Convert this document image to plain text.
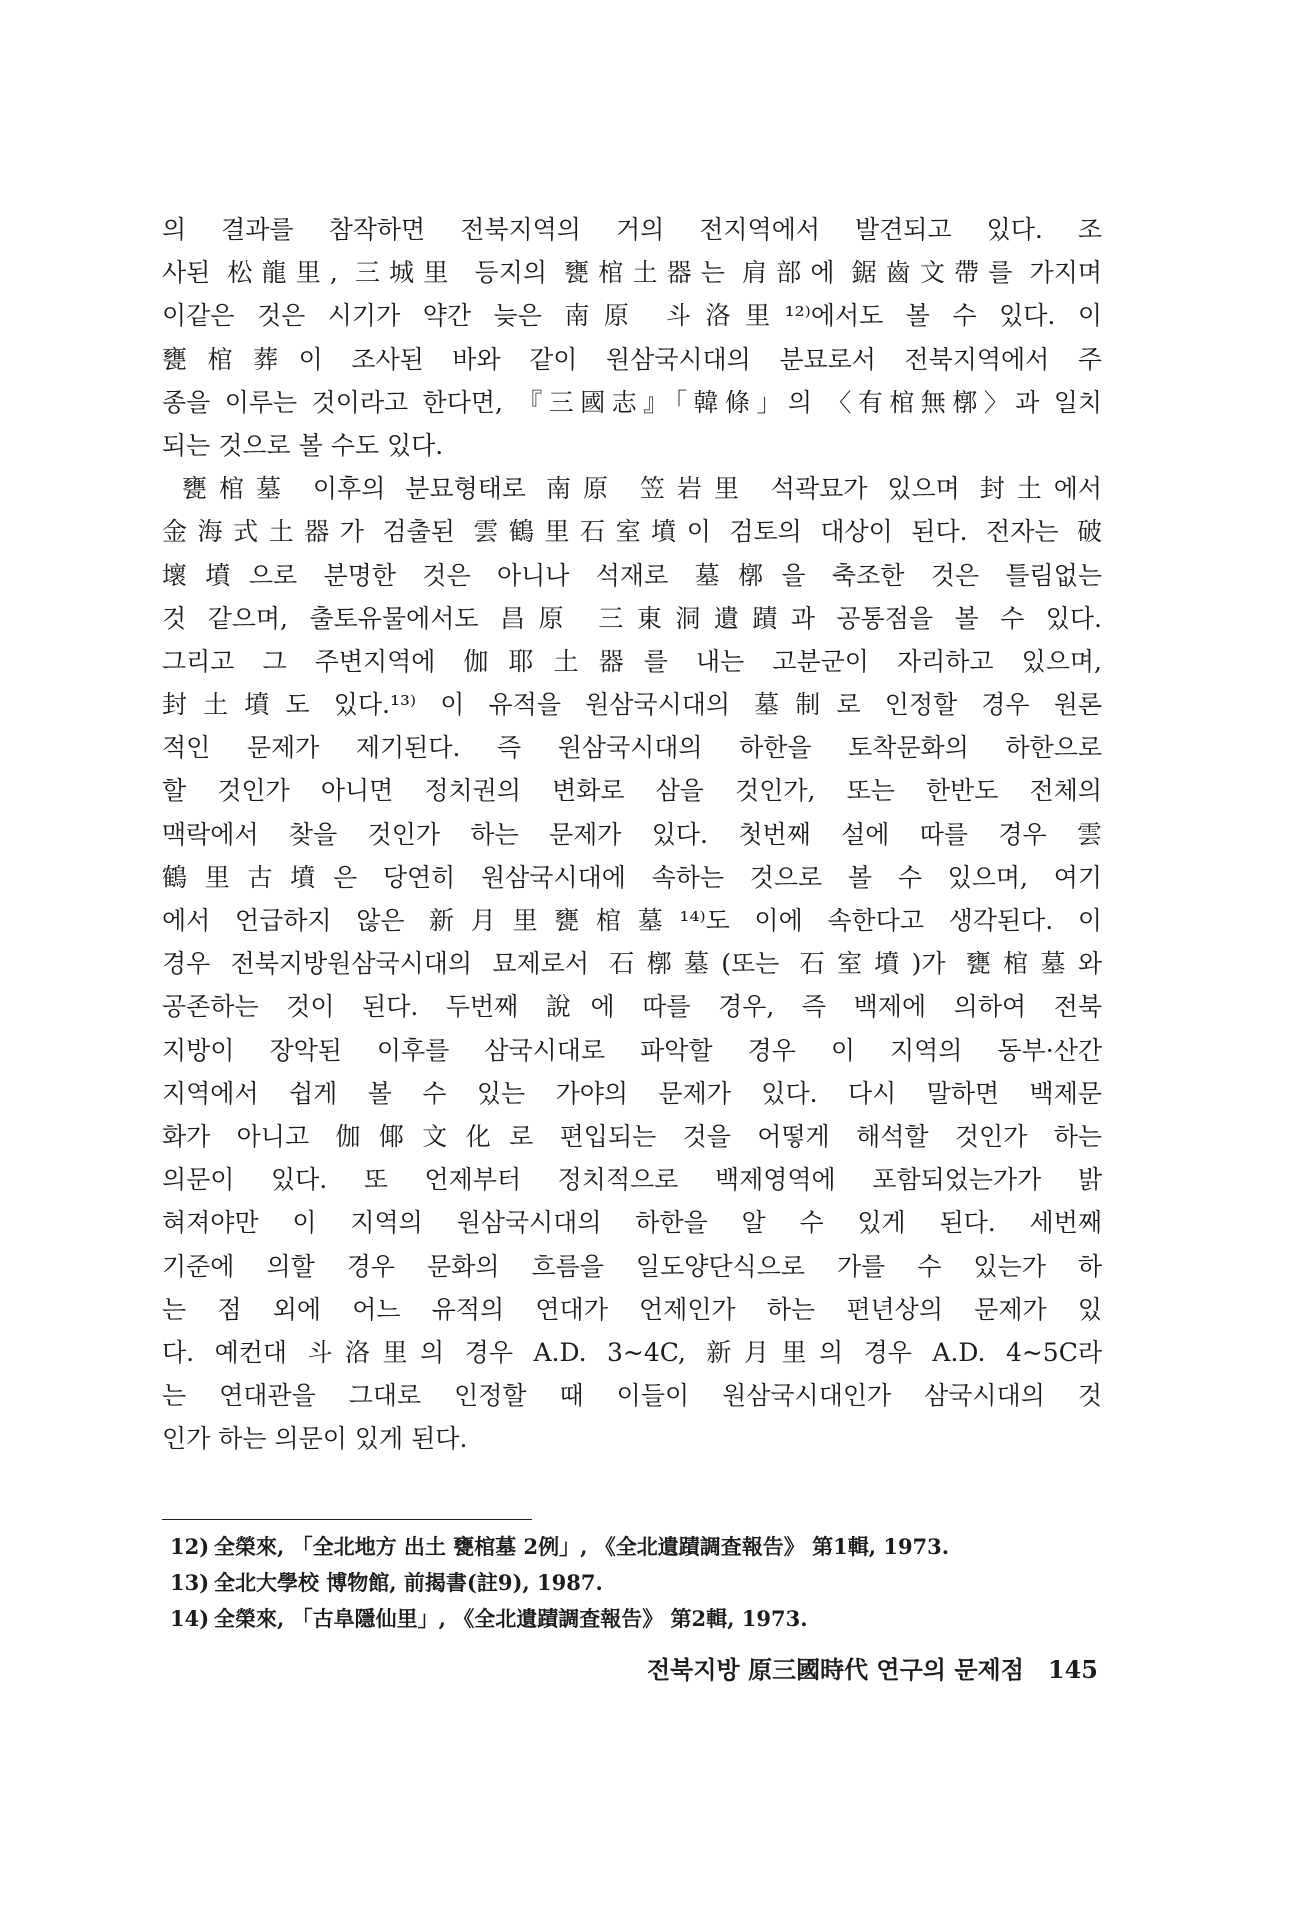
의 결과를 참작하면 전북지역의 거의 전지역에서 발견되고 있다. 조
사된 松龍里, 三城里 등지의 甕棺土器는 肩部에 鋸齒文帶를 가지며
이같은 것은 시기가 약간 늦은 南原 斗洛里¹²⁾에서도 볼 수 있다. 이
甕棺葬이 조사된 바와 같이 원삼국시대의 분묘로서 전북지역에서 주
종을 이루는 것이라고 한다면, 『三國志』「韓條」의 〈有棺無槨〉과 일치
되는 것으로 볼 수도 있다.
甕棺墓 이후의 분묘형태로 南原 笠岩里 석곽묘가 있으며 封土에서
金海式土器가 검출된 雲鶴里石室墳이 검토의 대상이 된다. 전자는 破
壞墳으로 분명한 것은 아니나 석재로 墓槨을 축조한 것은 틀림없는
것 같으며, 출토유물에서도 昌原 三東洞遺蹟과 공통점을 볼 수 있다.
그리고 그 주변지역에 伽耶土器를 내는 고분군이 자리하고 있으며,
封土墳도 있다.¹³⁾ 이 유적을 원삼국시대의 墓制로 인정할 경우 원론
적인 문제가 제기된다. 즉 원삼국시대의 하한을 토착문화의 하한으로
할 것인가 아니면 정치권의 변화로 삼을 것인가, 또는 한반도 전체의
맥락에서 찾을 것인가 하는 문제가 있다. 첫번째 설에 따를 경우 雲
鶴里古墳은 당연히 원삼국시대에 속하는 것으로 볼 수 있으며, 여기
에서 언급하지 않은 新月里甕棺墓¹⁴⁾도 이에 속한다고 생각된다. 이
경우 전북지방원삼국시대의 묘제로서 石槨墓(또는 石室墳)가 甕棺墓와
공존하는 것이 된다. 두번째 說에 따를 경우, 즉 백제에 의하여 전북
지방이 장악된 이후를 삼국시대로 파악할 경우 이 지역의 동부·산간
지역에서 쉽게 볼 수 있는 가야의 문제가 있다. 다시 말하면 백제문
화가 아니고 伽倻文化로 편입되는 것을 어떻게 해석할 것인가 하는
의문이 있다. 또 언제부터 정치적으로 백제영역에 포함되었는가가 밝
혀져야만 이 지역의 원삼국시대의 하한을 알 수 있게 된다. 세번째
기준에 의할 경우 문화의 흐름을 일도양단식으로 가를 수 있는가 하
는 점 외에 어느 유적의 연대가 언제인가 하는 편년상의 문제가 있
다. 예컨대 斗洛里의 경우 A.D. 3~4C, 新月里의 경우 A.D. 4~5C라
는 연대관을 그대로 인정할 때 이들이 원삼국시대인가 삼국시대의 것
인가 하는 의문이 있게 된다.
12) 全榮來, 「全北地方 出土 甕棺墓 2例」, 《全北遺蹟調査報告》 第1輯, 1973.
13) 全北大學校 博物館, 前揭書(註9), 1987.
14) 全榮來, 「古阜隱仙里」, 《全北遺蹟調査報告》 第2輯, 1973.
전북지방 原三國時代 연구의 문제점 145
